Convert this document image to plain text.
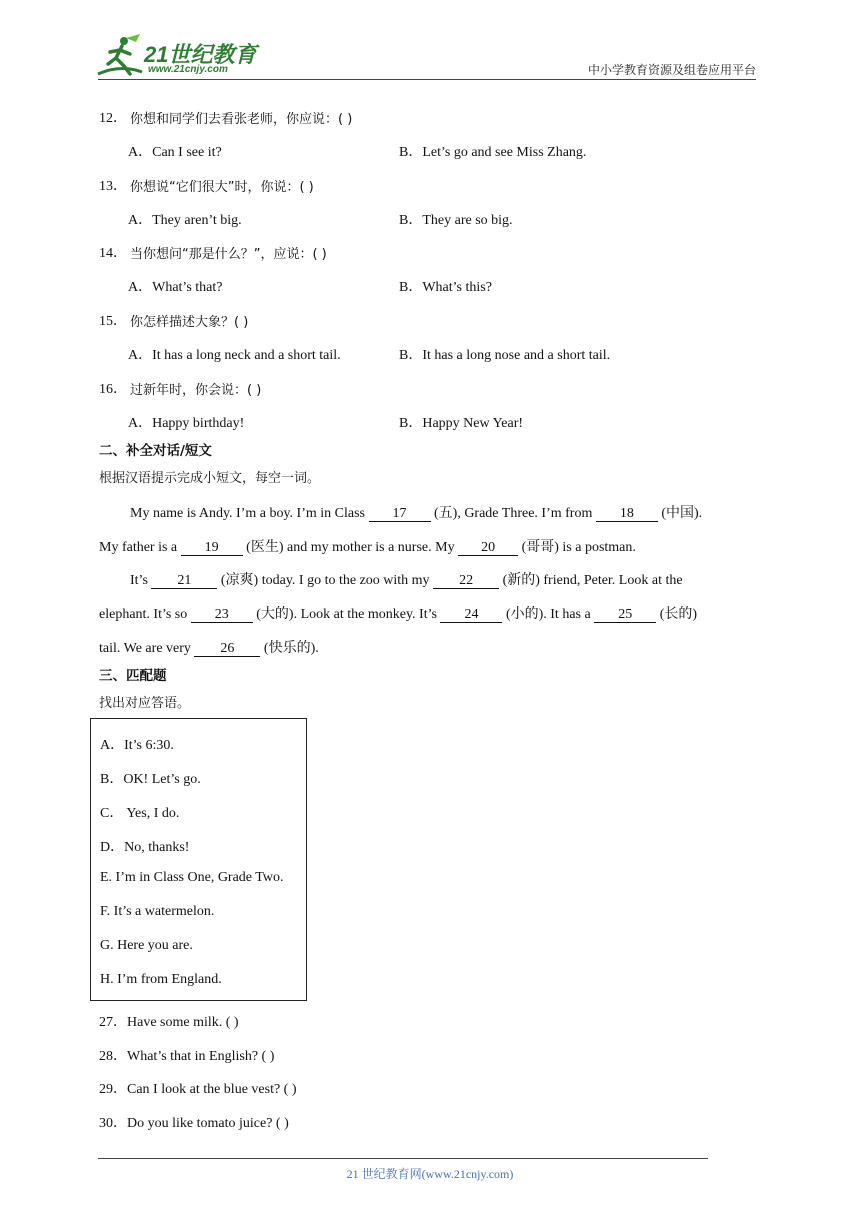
21世纪教育
www.21cnjy.com	中小学教育资源及组卷应用平台
12． 你想和同学们去看张老师，你应说：( )
A．Can I see it?	B．Let’s go and see Miss Zhang.
13． 你想说“它们很大”时，你说：( )
A．They aren’t big.	B．They are so big.
14． 当你想问“那是什么？”，应说：( )
A．What’s that?	B．What’s this?
15． 你怎样描述大象？( )
A．It has a long neck and a short tail.	B．It has a long nose and a short tail.
16． 过新年时，你会说：( )
A．Happy birthday!	B．Happy New Year!
二、补全对话/短文
根据汉语提示完成小短文，每空一词。
My name is Andy. I’m a boy. I’m in Class 17 (五), Grade Three. I’m from 18 (中国).
My father is a 19 (医生) and my mother is a nurse. My 20 (哥哥) is a postman.
It’s 21 (凉爽) today. I go to the zoo with my 22 (新的) friend, Peter. Look at the
elephant. It’s so 23 (大的). Look at the monkey. It’s 24 (小的). It has a 25 (长的)
tail. We are very 26 (快乐的).
三、匹配题
找出对应答语。
A．It’s 6:30.
B．OK! Let’s go.
C． Yes, I do.
D．No, thanks!
E. I’m in Class One, Grade Two.
F. It’s a watermelon.
G. Here you are.
H. I’m from England.
27．Have some milk. ( )
28．What’s that in English? ( )
29．Can I look at the blue vest? ( )
30．Do you like tomato juice? ( )
21 世纪教育网(www.21cnjy.com)
